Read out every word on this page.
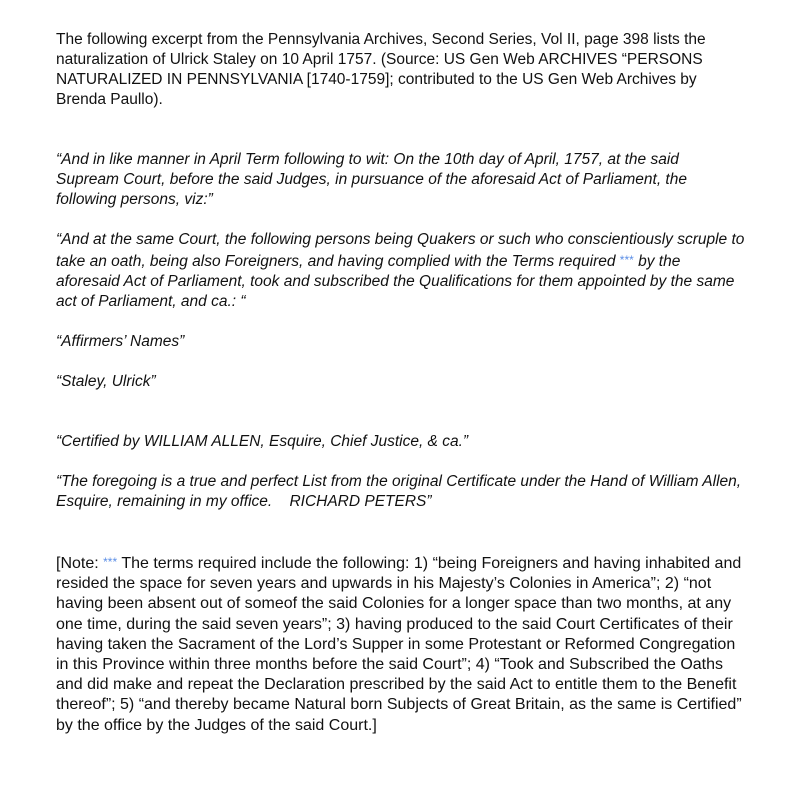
The following excerpt from the Pennsylvania Archives, Second Series, Vol II, page 398 lists the naturalization of Ulrick Staley on 10 April 1757. (Source: US Gen Web ARCHIVES “PERSONS NATURALIZED IN PENNSYLVANIA [1740-1759]; contributed to the US Gen Web Archives by Brenda Paullo).

“And in like manner in April Term following to wit: On the 10th day of April, 1757, at the said Supream Court, before the said Judges, in pursuance of the aforesaid Act of Parliament, the following persons, viz:”

“And at the same Court, the following persons being Quakers or such who conscientiously scruple to take an oath, being also Foreigners, and having complied with the Terms required *** by the aforesaid Act of Parliament, took and subscribed the Qualifications for them appointed by the same act of Parliament, and ca.: “

“Affirmers’ Names”

“Staley, Ulrick”

“Certified by WILLIAM ALLEN, Esquire, Chief Justice, & ca.”

“The foregoing is a true and perfect List from the original Certificate under the Hand of William Allen, Esquire, remaining in my office.    RICHARD PETERS”

[Note: *** The terms required include the following: 1) “being Foreigners and having inhabited and resided the space for seven years and upwards in his Majesty’s Colonies in America”; 2) “not having been absent out of someof the said Colonies for a longer space than two months, at any one time, during the said seven years”; 3) having produced to the said Court Certificates of their having taken the Sacrament of the Lord’s Supper in some Protestant or Reformed Congregation in this Province within three months before the said Court”; 4) “Took and Subscribed the Oaths and did make and repeat the Declaration prescribed by the said Act to entitle them to the Benefit thereof”; 5) “and thereby became Natural born Subjects of Great Britain, as the same is Certified” by the office by the Judges of the said Court.]
